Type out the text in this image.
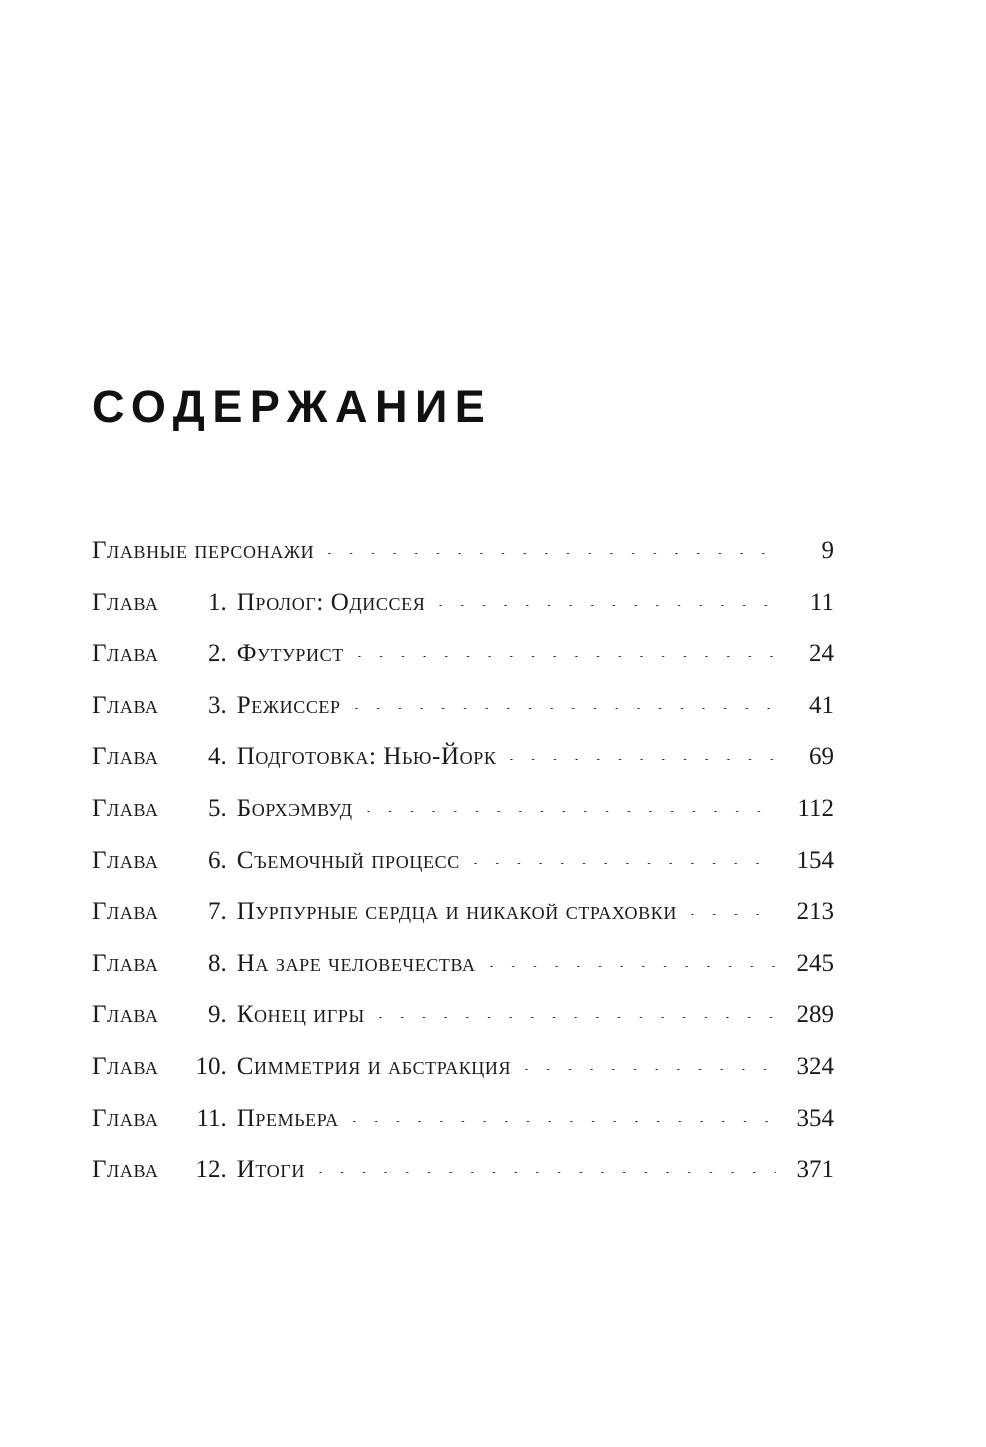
СОДЕРЖАНИЕ
Главные персонажи	9
Глава	1 . Пролог: Одиссея	11
Глава	2 . Футурист	24
Глава	3 . Режиссер	41
Глава	4 . Подготовка: Нью-Йорк	69
Глава	5 . Борхэмвуд	112
Глава	6 . Съемочный процесс	154
Глава	7 . Пурпурные сердца и никакой страховки	213
Глава	8 . На заре человечества	245
Глава	9 . Конец игры	289
Глава	10 . Симметрия и абстракция	324
Глава	11 . Премьера	354
Глава	12 . Итоги	371
